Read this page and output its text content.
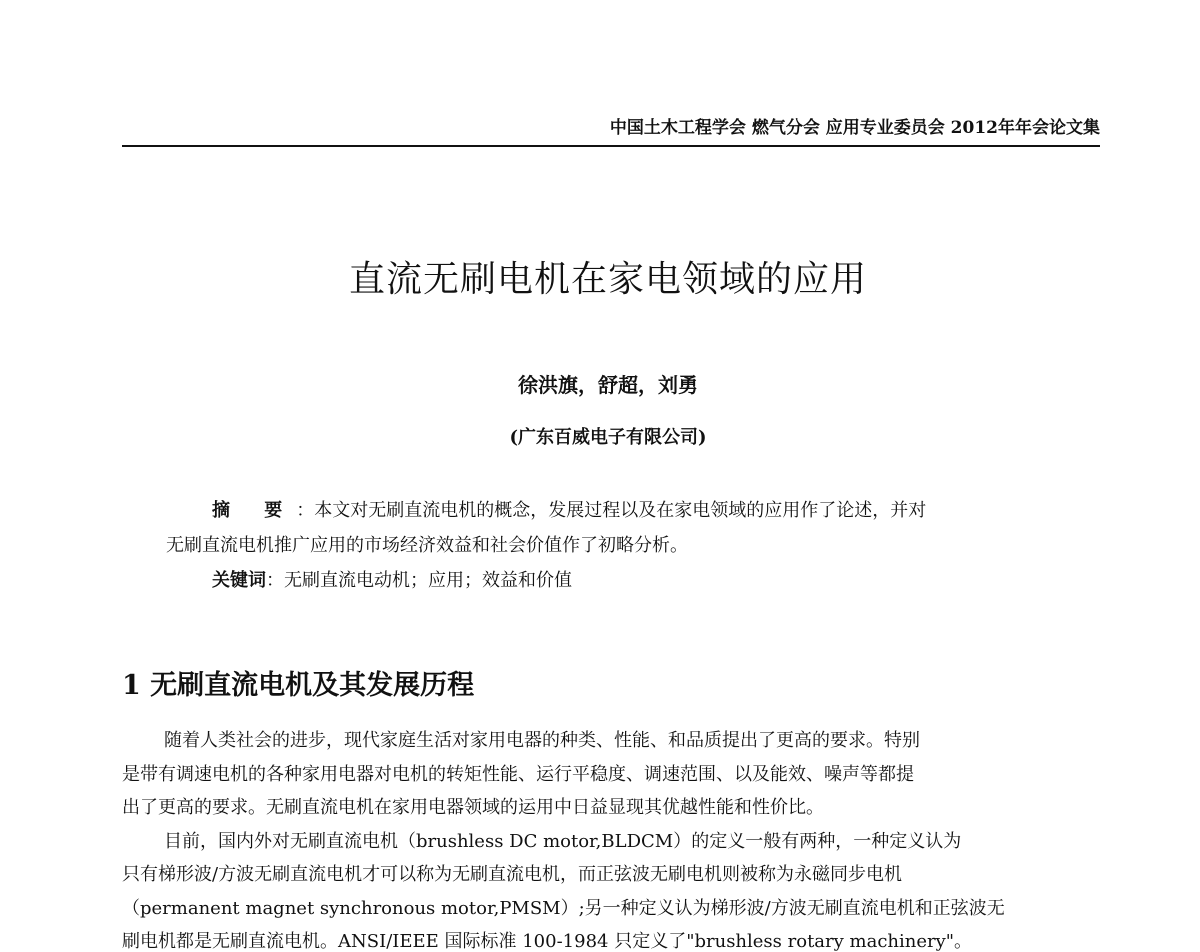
中国土木工程学会 燃气分会 应用专业委员会 2012年年会论文集
直流无刷电机在家电领域的应用
徐洪旗，舒超，刘勇
(广东百威电子有限公司)
摘 要：本文对无刷直流电机的概念，发展过程以及在家电领域的应用作了论述，并对
无刷直流电机推广应用的市场经济效益和社会价值作了初略分析。
关键词：无刷直流电动机；应用；效益和价值
1 无刷直流电机及其发展历程
随着人类社会的进步，现代家庭生活对家用电器的种类、性能、和品质提出了更高的要求。特别
是带有调速电机的各种家用电器对电机的转矩性能、运行平稳度、调速范围、以及能效、噪声等都提
出了更高的要求。无刷直流电机在家用电器领域的运用中日益显现其优越性能和性价比。
目前，国内外对无刷直流电机（brushless DC motor,BLDCM）的定义一般有两种，一种定义认为
只有梯形波/方波无刷直流电机才可以称为无刷直流电机，而正弦波无刷电机则被称为永磁同步电机
（permanent magnet synchronous motor,PMSM）;另一种定义认为梯形波/方波无刷直流电机和正弦波无
刷电机都是无刷直流电机。ANSI/IEEE 国际标准 100-1984 只定义了"brushless rotary machinery"。
